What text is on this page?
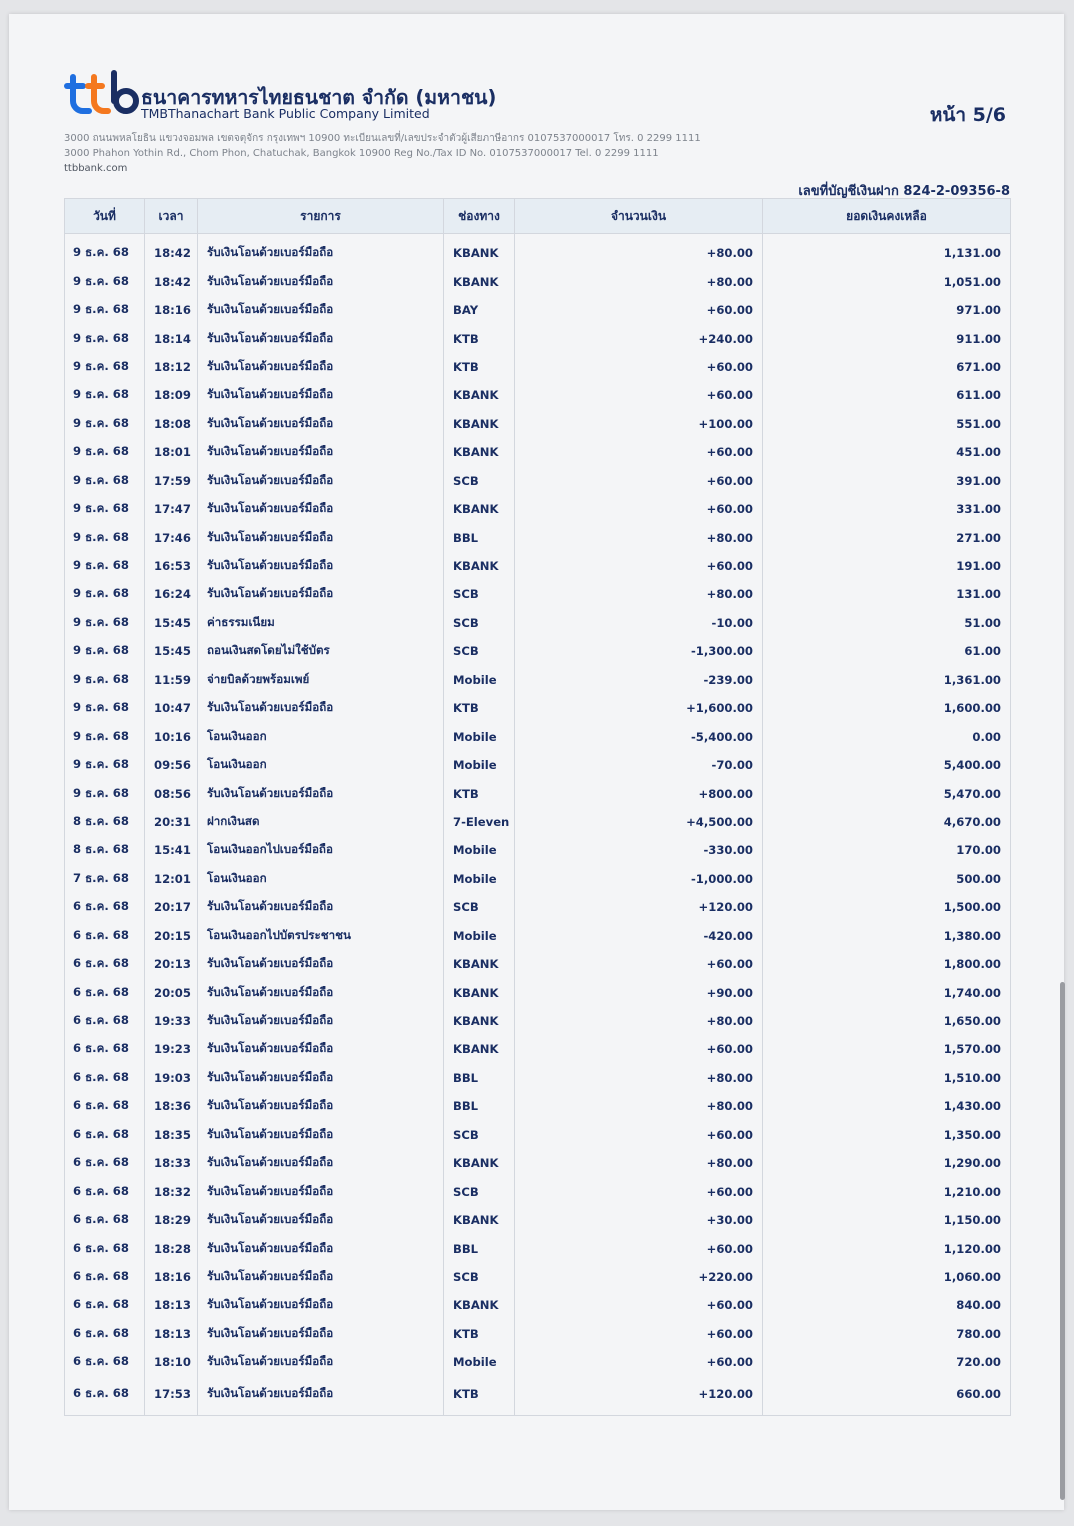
ธนาคารทหารไทยธนชาต จำกัด (มหาชน)
TMBThanachart Bank Public Company Limited
3000 ถนนพหลโยธิน แขวงจอมพล เขตจตุจักร กรุงเทพฯ 10900 ทะเบียนเลขที่/เลขประจำตัวผู้เสียภาษีอากร 0107537000017 โทร. 0 2299 1111
3000 Phahon Yothin Rd., Chom Phon, Chatuchak, Bangkok 10900 Reg No./Tax ID No. 0107537000017 Tel. 0 2299 1111
ttbbank.com
หน้า 5/6
เลขที่บัญชีเงินฝาก 824-2-09356-8
วันที่	เวลา	รายการ	ช่องทาง	จำนวนเงิน	ยอดเงินคงเหลือ
9 ธ.ค. 68	18:42	รับเงินโอนด้วยเบอร์มือถือ	KBANK	+80.00	1,131.00
9 ธ.ค. 68	18:42	รับเงินโอนด้วยเบอร์มือถือ	KBANK	+80.00	1,051.00
9 ธ.ค. 68	18:16	รับเงินโอนด้วยเบอร์มือถือ	BAY	+60.00	971.00
9 ธ.ค. 68	18:14	รับเงินโอนด้วยเบอร์มือถือ	KTB	+240.00	911.00
9 ธ.ค. 68	18:12	รับเงินโอนด้วยเบอร์มือถือ	KTB	+60.00	671.00
9 ธ.ค. 68	18:09	รับเงินโอนด้วยเบอร์มือถือ	KBANK	+60.00	611.00
9 ธ.ค. 68	18:08	รับเงินโอนด้วยเบอร์มือถือ	KBANK	+100.00	551.00
9 ธ.ค. 68	18:01	รับเงินโอนด้วยเบอร์มือถือ	KBANK	+60.00	451.00
9 ธ.ค. 68	17:59	รับเงินโอนด้วยเบอร์มือถือ	SCB	+60.00	391.00
9 ธ.ค. 68	17:47	รับเงินโอนด้วยเบอร์มือถือ	KBANK	+60.00	331.00
9 ธ.ค. 68	17:46	รับเงินโอนด้วยเบอร์มือถือ	BBL	+80.00	271.00
9 ธ.ค. 68	16:53	รับเงินโอนด้วยเบอร์มือถือ	KBANK	+60.00	191.00
9 ธ.ค. 68	16:24	รับเงินโอนด้วยเบอร์มือถือ	SCB	+80.00	131.00
9 ธ.ค. 68	15:45	ค่าธรรมเนียม	SCB	-10.00	51.00
9 ธ.ค. 68	15:45	ถอนเงินสดโดยไม่ใช้บัตร	SCB	-1,300.00	61.00
9 ธ.ค. 68	11:59	จ่ายบิลด้วยพร้อมเพย์	Mobile	-239.00	1,361.00
9 ธ.ค. 68	10:47	รับเงินโอนด้วยเบอร์มือถือ	KTB	+1,600.00	1,600.00
9 ธ.ค. 68	10:16	โอนเงินออก	Mobile	-5,400.00	0.00
9 ธ.ค. 68	09:56	โอนเงินออก	Mobile	-70.00	5,400.00
9 ธ.ค. 68	08:56	รับเงินโอนด้วยเบอร์มือถือ	KTB	+800.00	5,470.00
8 ธ.ค. 68	20:31	ฝากเงินสด	7-Eleven	+4,500.00	4,670.00
8 ธ.ค. 68	15:41	โอนเงินออกไปเบอร์มือถือ	Mobile	-330.00	170.00
7 ธ.ค. 68	12:01	โอนเงินออก	Mobile	-1,000.00	500.00
6 ธ.ค. 68	20:17	รับเงินโอนด้วยเบอร์มือถือ	SCB	+120.00	1,500.00
6 ธ.ค. 68	20:15	โอนเงินออกไปบัตรประชาชน	Mobile	-420.00	1,380.00
6 ธ.ค. 68	20:13	รับเงินโอนด้วยเบอร์มือถือ	KBANK	+60.00	1,800.00
6 ธ.ค. 68	20:05	รับเงินโอนด้วยเบอร์มือถือ	KBANK	+90.00	1,740.00
6 ธ.ค. 68	19:33	รับเงินโอนด้วยเบอร์มือถือ	KBANK	+80.00	1,650.00
6 ธ.ค. 68	19:23	รับเงินโอนด้วยเบอร์มือถือ	KBANK	+60.00	1,570.00
6 ธ.ค. 68	19:03	รับเงินโอนด้วยเบอร์มือถือ	BBL	+80.00	1,510.00
6 ธ.ค. 68	18:36	รับเงินโอนด้วยเบอร์มือถือ	BBL	+80.00	1,430.00
6 ธ.ค. 68	18:35	รับเงินโอนด้วยเบอร์มือถือ	SCB	+60.00	1,350.00
6 ธ.ค. 68	18:33	รับเงินโอนด้วยเบอร์มือถือ	KBANK	+80.00	1,290.00
6 ธ.ค. 68	18:32	รับเงินโอนด้วยเบอร์มือถือ	SCB	+60.00	1,210.00
6 ธ.ค. 68	18:29	รับเงินโอนด้วยเบอร์มือถือ	KBANK	+30.00	1,150.00
6 ธ.ค. 68	18:28	รับเงินโอนด้วยเบอร์มือถือ	BBL	+60.00	1,120.00
6 ธ.ค. 68	18:16	รับเงินโอนด้วยเบอร์มือถือ	SCB	+220.00	1,060.00
6 ธ.ค. 68	18:13	รับเงินโอนด้วยเบอร์มือถือ	KBANK	+60.00	840.00
6 ธ.ค. 68	18:13	รับเงินโอนด้วยเบอร์มือถือ	KTB	+60.00	780.00
6 ธ.ค. 68	18:10	รับเงินโอนด้วยเบอร์มือถือ	Mobile	+60.00	720.00
6 ธ.ค. 68	17:53	รับเงินโอนด้วยเบอร์มือถือ	KTB	+120.00	660.00
